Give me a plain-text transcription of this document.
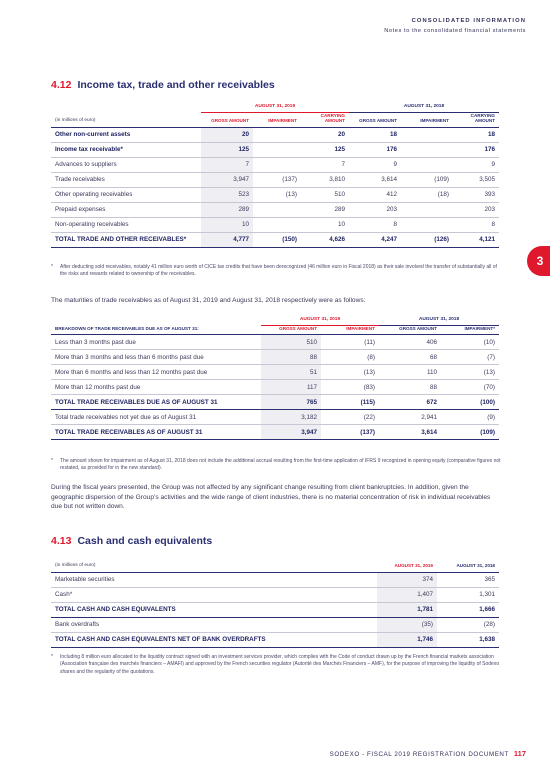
CONSOLIDATED INFORMATION
Notes to the consolidated financial statements
3
4.12 Income tax, trade and other receivables
	AUGUST 31, 2019			AUGUST 31, 2018		
(in millions of euro)	GROSS AMOUNT	IMPAIRMENT	CARRYING AMOUNT	GROSS AMOUNT	IMPAIRMENT	CARRYING AMOUNT
Other non-current assets	20		20	18		18
Income tax receivable*	125		125	176		176
Advances to suppliers	7		7	9		9
Trade receivables	3,947	(137)	3,810	3,614	(109)	3,505
Other operating receivables	523	(13)	510	412	(18)	393
Prepaid expenses	289		289	203		203
Non-operating receivables	10		10	8		8
TOTAL TRADE AND OTHER RECEIVABLES*	4,777	(150)	4,626	4,247	(126)	4,121
* After deducting sold receivables, notably 41 million euro worth of CICE tax credits that have been derecognized (46 million euro in Fiscal 2018) as their sale involved the transfer of substantially all of the risks and rewards related to ownership of the receivables.
The maturities of trade receivables as of August 31, 2019 and August 31, 2018 respectively were as follows:
	AUGUST 31, 2019		AUGUST 31, 2018	
BREAKDOWN OF TRADE RECEIVABLES DUE AS OF AUGUST 31:	GROSS AMOUNT	IMPAIRMENT	GROSS AMOUNT	IMPAIRMENT*
Less than 3 months past due	510	(11)	406	(10)
More than 3 months and less than 6 months past due	88	(8)	68	(7)
More than 6 months and less than 12 months past due	51	(13)	110	(13)
More than 12 months past due	117	(83)	88	(70)
TOTAL TRADE RECEIVABLES DUE AS OF AUGUST 31	765	(115)	672	(100)
Total trade receivables not yet due as of August 31	3,182	(22)	2,941	(9)
TOTAL TRADE RECEIVABLES AS OF AUGUST 31	3,947	(137)	3,614	(109)
* The amount shown for impairment as of August 31, 2018 does not include the additional accrual resulting from the first-time application of IFRS 9 recognized in opening equity (comparative figures not restated, as provided for in the new standard).
During the fiscal years presented, the Group was not affected by any significant change resulting from client bankruptcies. In addition, given the geographic dispersion of the Group’s activities and the wide range of client industries, there is no material concentration of risk in individual receivables due but not written down.
4.13 Cash and cash equivalents
(in millions of euro)	AUGUST 31, 2019	AUGUST 31, 2018
Marketable securities	374	365
Cash*	1,407	1,301
TOTAL CASH AND CASH EQUIVALENTS	1,781	1,666
Bank overdrafts	(35)	(28)
TOTAL CASH AND CASH EQUIVALENTS NET OF BANK OVERDRAFTS	1,746	1,638
* Including 8 million euro allocated to the liquidity contract signed with an investment services provider, which complies with the Code of conduct drawn up by the French financial markets association (Association française des marchés financiers – AMAFI) and approved by the French securities regulator (Autorité des Marchés Financiers – AMF), for the purpose of improving the liquidity of Sodexo shares and the regularity of the quotations.
SODEXO - FISCAL 2019 REGISTRATION DOCUMENT 117
